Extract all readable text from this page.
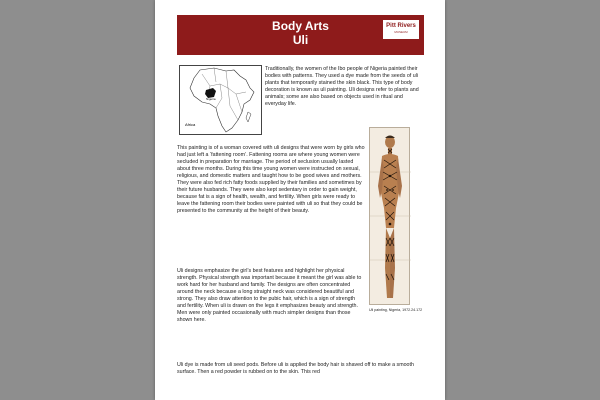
Body Arts
Uli
Pitt Rivers
MUSEUM
Nigeria
Africa
Traditionally, the women of the Ibo people of Nigeria painted their bodies with patterns. They used a dye made from the seeds of uli plants that temporarily stained the skin black. This type of body decoration is known as uli painting. Uli designs refer to plants and animals; some are also based on objects used in ritual and everyday life.
This painting is of a woman covered with uli designs that were worn by girls who had just left a ‘fattening room’. Fattening rooms are where young women were secluded in preparation for marriage. The period of seclusion usually lasted about three months. During this time young women were instructed on sexual, religious, and domestic matters and taught how to be good wives and mothers. They were also fed rich fatty foods supplied by their families and sometimes by their future husbands. They were also kept sedentary in order to gain weight, because fat is a sign of health, wealth, and fertility. When girls were ready to leave the fattening room their bodies were painted with uli so that they could be presented to the community at the height of their beauty.
Uli painting, Nigeria, 1972.24.172
Uli designs emphasize the girl’s best features and highlight her physical strength. Physical strength was important because it meant the girl was able to work hard for her husband and family. The designs are often concentrated around the neck because a long straight neck was considered beautiful and strong. They also draw attention to the pubic hair, which is a sign of strength and fertility. When uli is drawn on the legs it emphasizes beauty and strength. Men were only painted occasionally with much simpler designs than those shown here.
Uli dye is made from uli seed pods. Before uli is applied the body hair is shaved off to make a smooth surface. Then a red powder is rubbed on to the skin. This red
